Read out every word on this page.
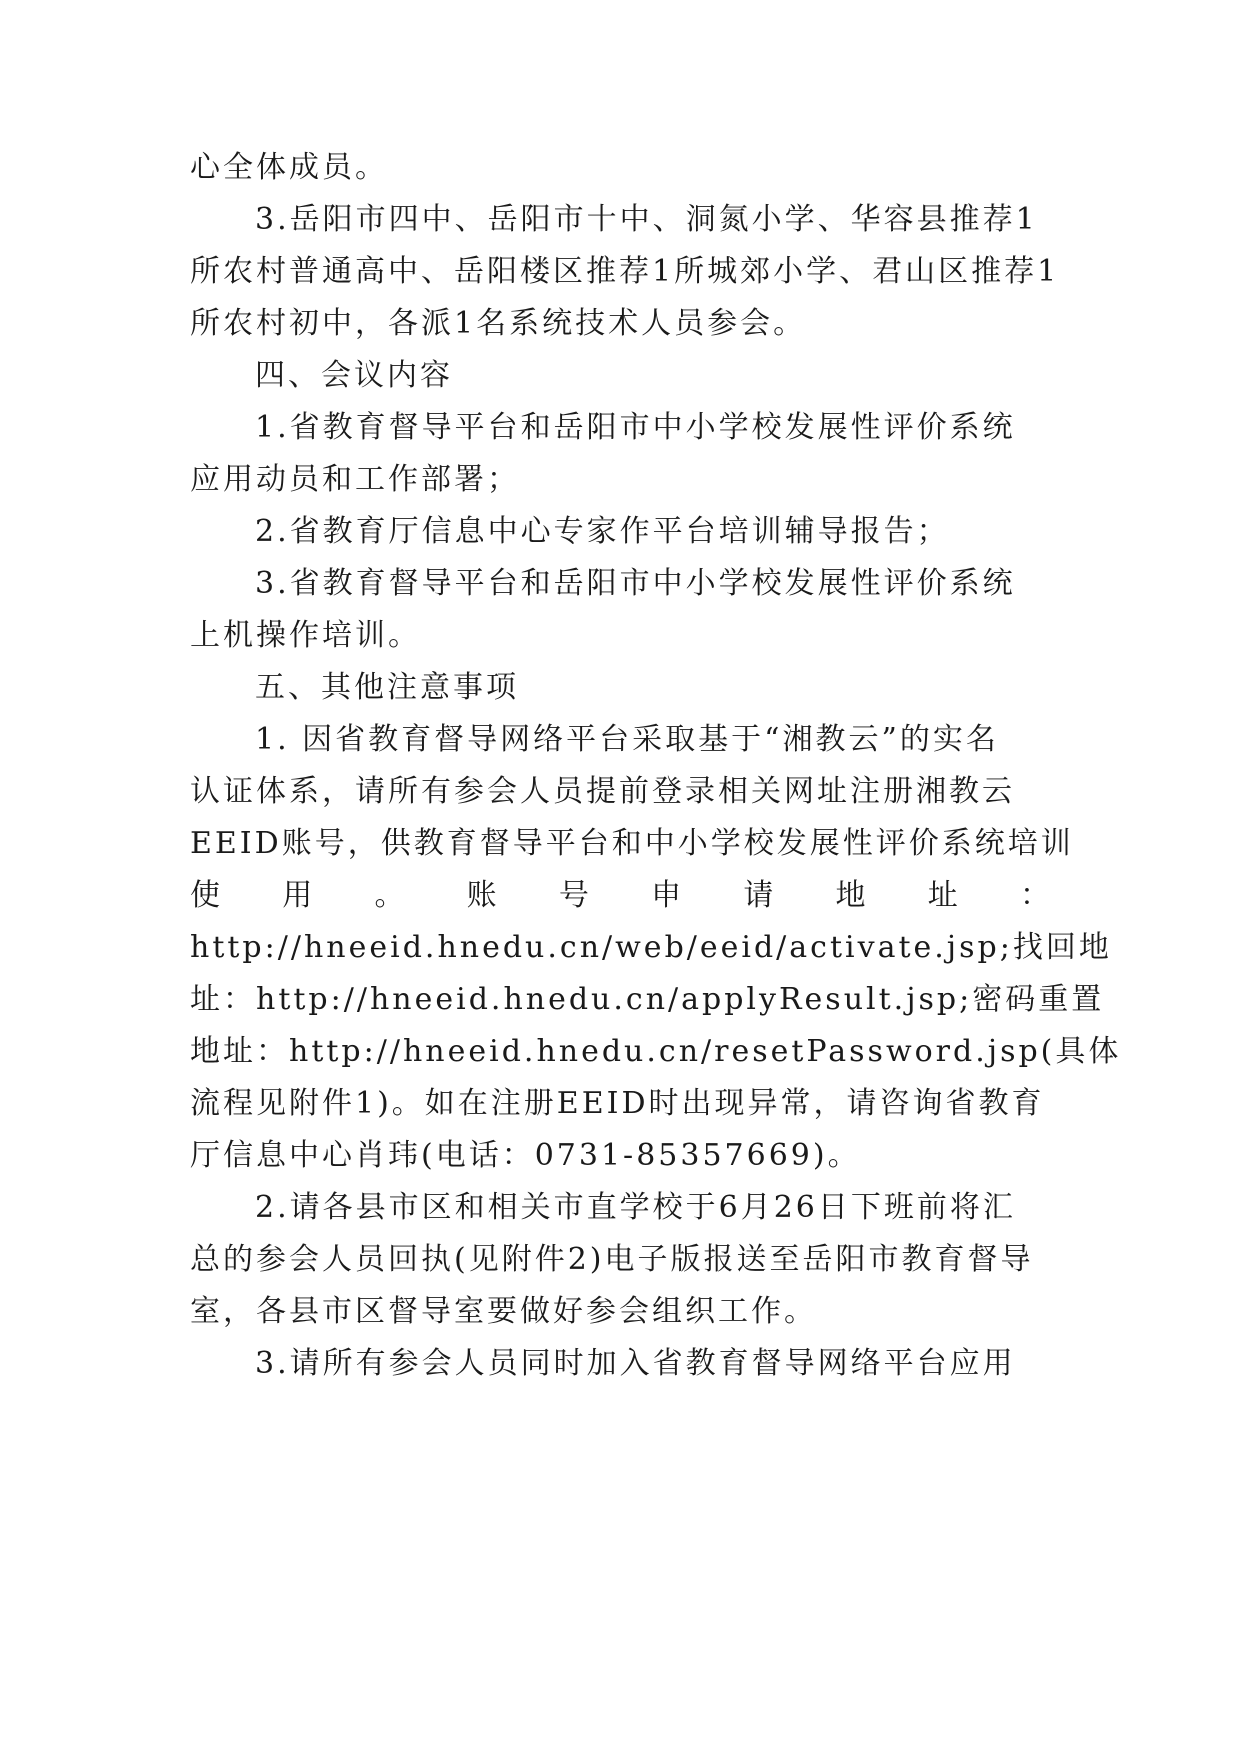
心全体成员。
3.岳阳市四中、岳阳市十中、洞氮小学、华容县推荐1
所农村普通高中、岳阳楼区推荐1所城郊小学、君山区推荐1
所农村初中，各派1名系统技术人员参会。
四、会议内容
1.省教育督导平台和岳阳市中小学校发展性评价系统
应用动员和工作部署；
2.省教育厅信息中心专家作平台培训辅导报告；
3.省教育督导平台和岳阳市中小学校发展性评价系统
上机操作培训。
五、其他注意事项
1. 因省教育督导网络平台采取基于“湘教云”的实名
认证体系，请所有参会人员提前登录相关网址注册湘教云
EEID账号，供教育督导平台和中小学校发展性评价系统培训
使 用 。 账 号 申 请 地 址 ：
http://hneeid.hnedu.cn/web/eeid/activate.jsp;找回地
址：http://hneeid.hnedu.cn/applyResult.jsp;密码重置
地址：http://hneeid.hnedu.cn/resetPassword.jsp(具体
流程见附件1)。如在注册EEID时出现异常，请咨询省教育
厅信息中心肖玮(电话：0731-85357669)。
2.请各县市区和相关市直学校于6月26日下班前将汇
总的参会人员回执(见附件2)电子版报送至岳阳市教育督导
室，各县市区督导室要做好参会组织工作。
3.请所有参会人员同时加入省教育督导网络平台应用
